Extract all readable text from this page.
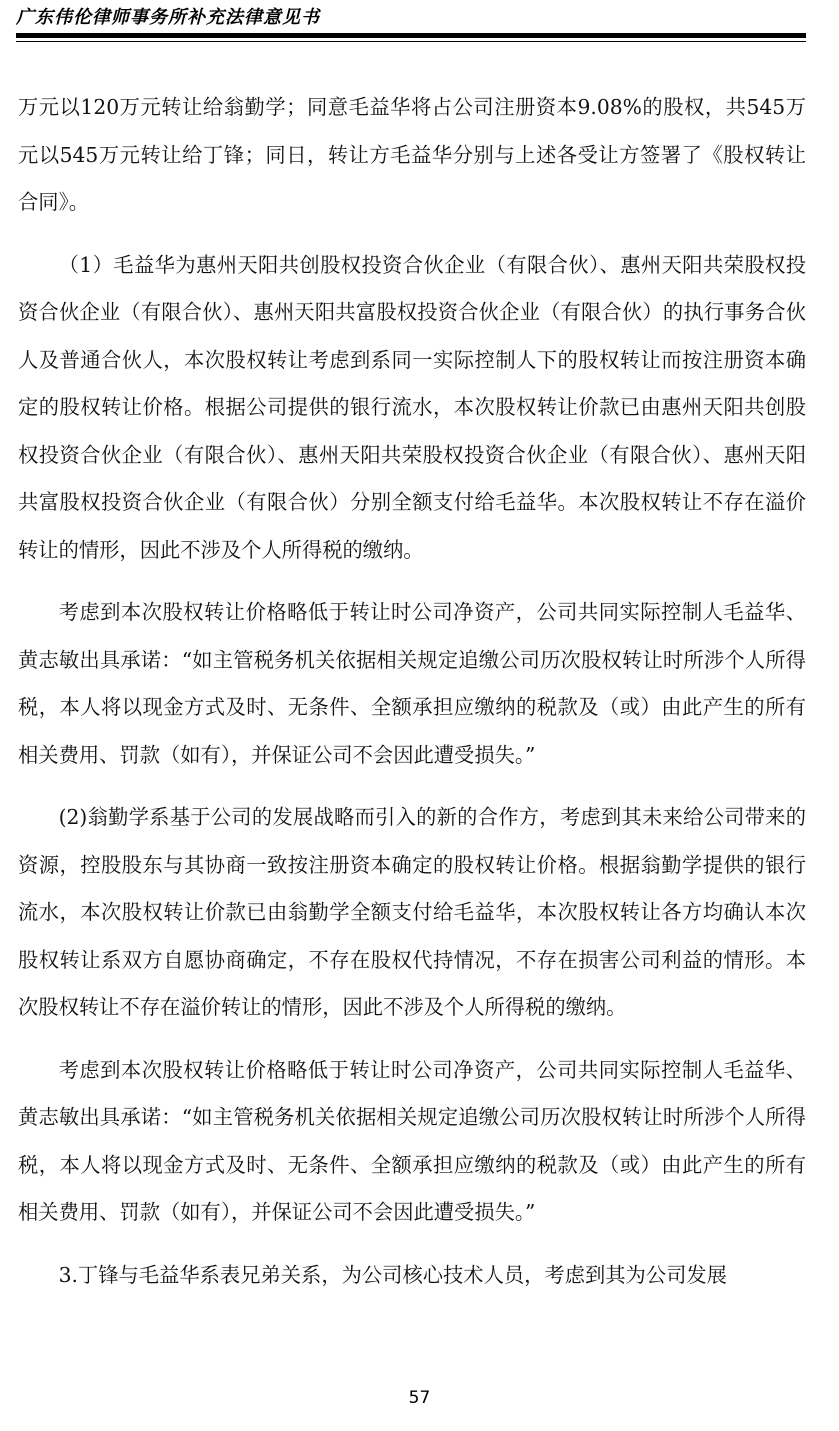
广东伟伦律师事务所补充法律意见书

万元以120万元转让给翁勤学；同意毛益华将占公司注册资本9.08%的股权，共545万元以545万元转让给丁锋；同日，转让方毛益华分别与上述各受让方签署了《股权转让合同》。

（1）毛益华为惠州天阳共创股权投资合伙企业（有限合伙）、惠州天阳共荣股权投资合伙企业（有限合伙）、惠州天阳共富股权投资合伙企业（有限合伙）的执行事务合伙人及普通合伙人，本次股权转让考虑到系同一实际控制人下的股权转让而按注册资本确定的股权转让价格。根据公司提供的银行流水，本次股权转让价款已由惠州天阳共创股权投资合伙企业（有限合伙）、惠州天阳共荣股权投资合伙企业（有限合伙）、惠州天阳共富股权投资合伙企业（有限合伙）分别全额支付给毛益华。本次股权转让不存在溢价转让的情形，因此不涉及个人所得税的缴纳。

考虑到本次股权转让价格略低于转让时公司净资产，公司共同实际控制人毛益华、黄志敏出具承诺：“如主管税务机关依据相关规定追缴公司历次股权转让时所涉个人所得税，本人将以现金方式及时、无条件、全额承担应缴纳的税款及（或）由此产生的所有相关费用、罚款（如有），并保证公司不会因此遭受损失。”

(2)翁勤学系基于公司的发展战略而引入的新的合作方，考虑到其未来给公司带来的资源，控股股东与其协商一致按注册资本确定的股权转让价格。根据翁勤学提供的银行流水，本次股权转让价款已由翁勤学全额支付给毛益华，本次股权转让各方均确认本次股权转让系双方自愿协商确定，不存在股权代持情况，不存在损害公司利益的情形。本次股权转让不存在溢价转让的情形，因此不涉及个人所得税的缴纳。

考虑到本次股权转让价格略低于转让时公司净资产，公司共同实际控制人毛益华、黄志敏出具承诺：“如主管税务机关依据相关规定追缴公司历次股权转让时所涉个人所得税，本人将以现金方式及时、无条件、全额承担应缴纳的税款及（或）由此产生的所有相关费用、罚款（如有），并保证公司不会因此遭受损失。”

3.丁锋与毛益华系表兄弟关系，为公司核心技术人员，考虑到其为公司发展

57
